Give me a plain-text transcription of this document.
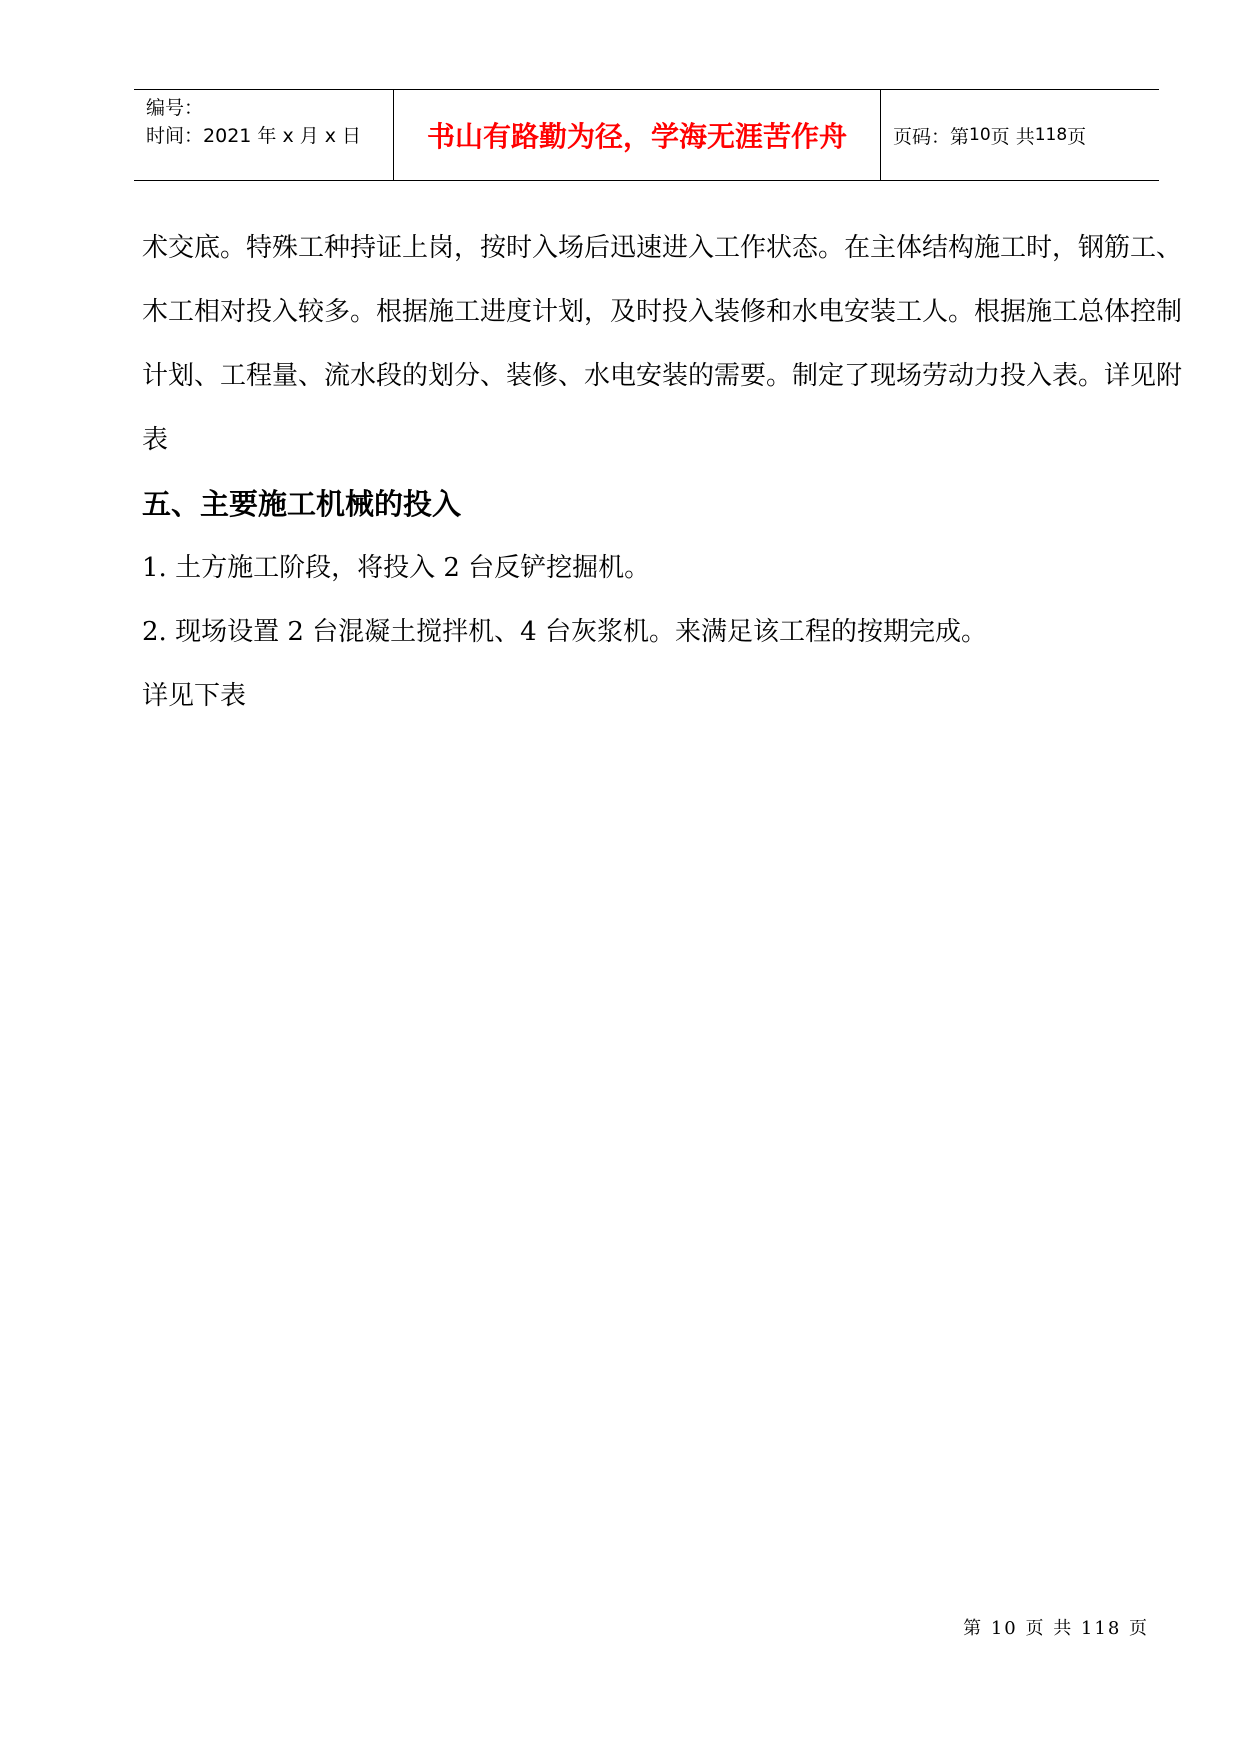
编号：
时间：2021 年 x 月 x 日	书山有路勤为径，学海无涯苦作舟 页码： 第 10 页 共 118 页

术交底。特殊工种持证上岗，按时入场后迅速进入工作状态。在主体结构施工时，钢筋工、木工相对投入较多。根据施工进度计划，及时投入装修和水电安装工人。根据施工总体控制计划、工程量、流水段的划分、装修、水电安装的需要。制定了现场劳动力投入表。详见附表

五、主要施工机械的投入

1. 土方施工阶段，将投入 2 台反铲挖掘机。

2. 现场设置 2 台混凝土搅拌机、4 台灰浆机。来满足该工程的按期完成。

详见下表

第 10 页 共 118 页
